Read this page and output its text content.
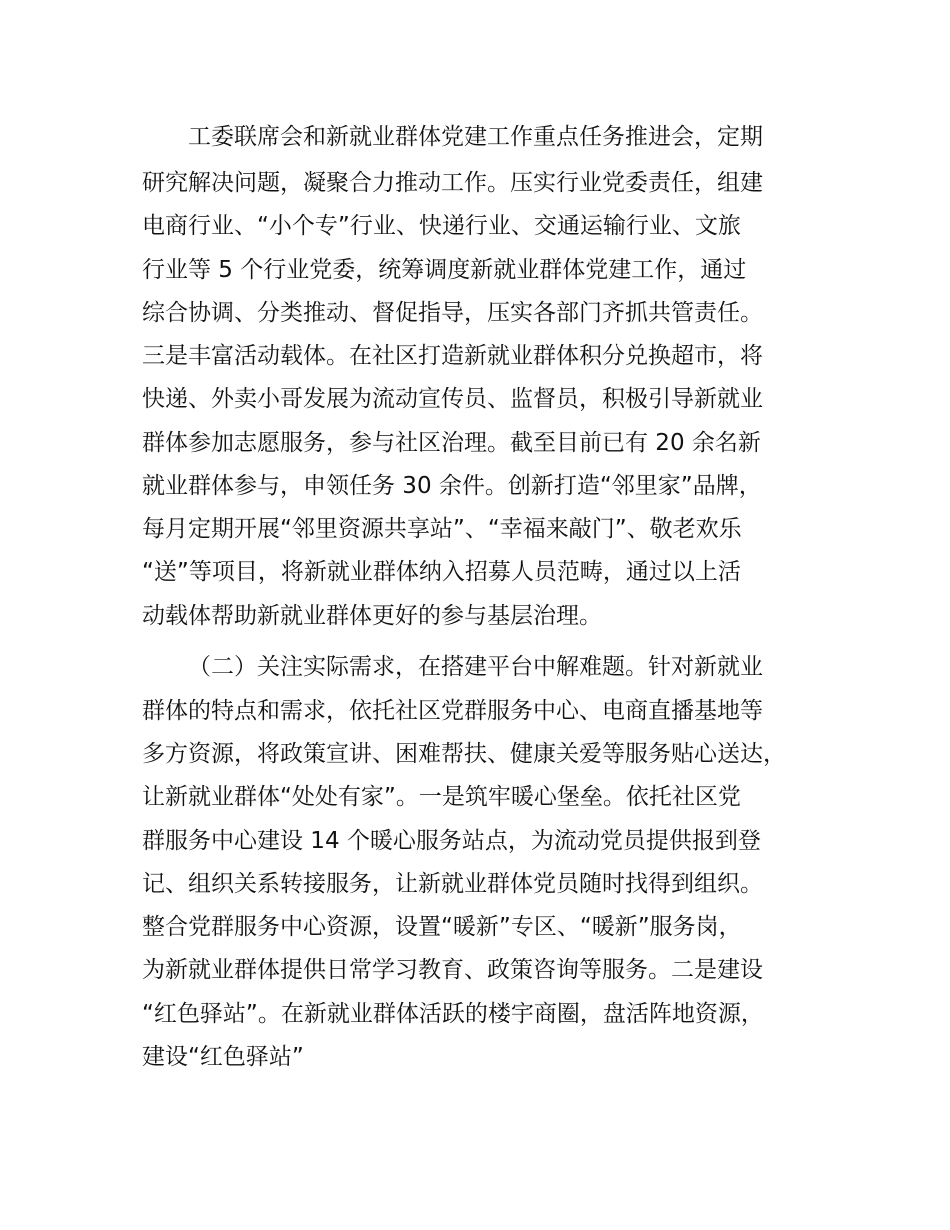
工委联席会和新就业群体党建工作重点任务推进会，定期
研究解决问题，凝聚合力推动工作。压实行业党委责任，组建
电商行业、“小个专”行业、快递行业、交通运输行业、文旅
行业等 5 个行业党委，统筹调度新就业群体党建工作，通过
综合协调、分类推动、督促指导，压实各部门齐抓共管责任。
三是丰富活动载体。在社区打造新就业群体积分兑换超市，将
快递、外卖小哥发展为流动宣传员、监督员，积极引导新就业
群体参加志愿服务，参与社区治理。截至目前已有 20 余名新
就业群体参与，申领任务 30 余件。创新打造“邻里家”品牌，
每月定期开展“邻里资源共享站”、“幸福来敲门”、敬老欢乐
“送”等项目，将新就业群体纳入招募人员范畴，通过以上活
动载体帮助新就业群体更好的参与基层治理。
（二）关注实际需求，在搭建平台中解难题。针对新就业
群体的特点和需求，依托社区党群服务中心、电商直播基地等
多方资源，将政策宣讲、困难帮扶、健康关爱等服务贴心送达，
让新就业群体“处处有家”。一是筑牢暖心堡垒。依托社区党
群服务中心建设 14 个暖心服务站点，为流动党员提供报到登
记、组织关系转接服务，让新就业群体党员随时找得到组织。
整合党群服务中心资源，设置“暖新”专区、“暖新”服务岗，
为新就业群体提供日常学习教育、政策咨询等服务。二是建设
“红色驿站”。在新就业群体活跃的楼宇商圈，盘活阵地资源，
建设“红色驿站”
